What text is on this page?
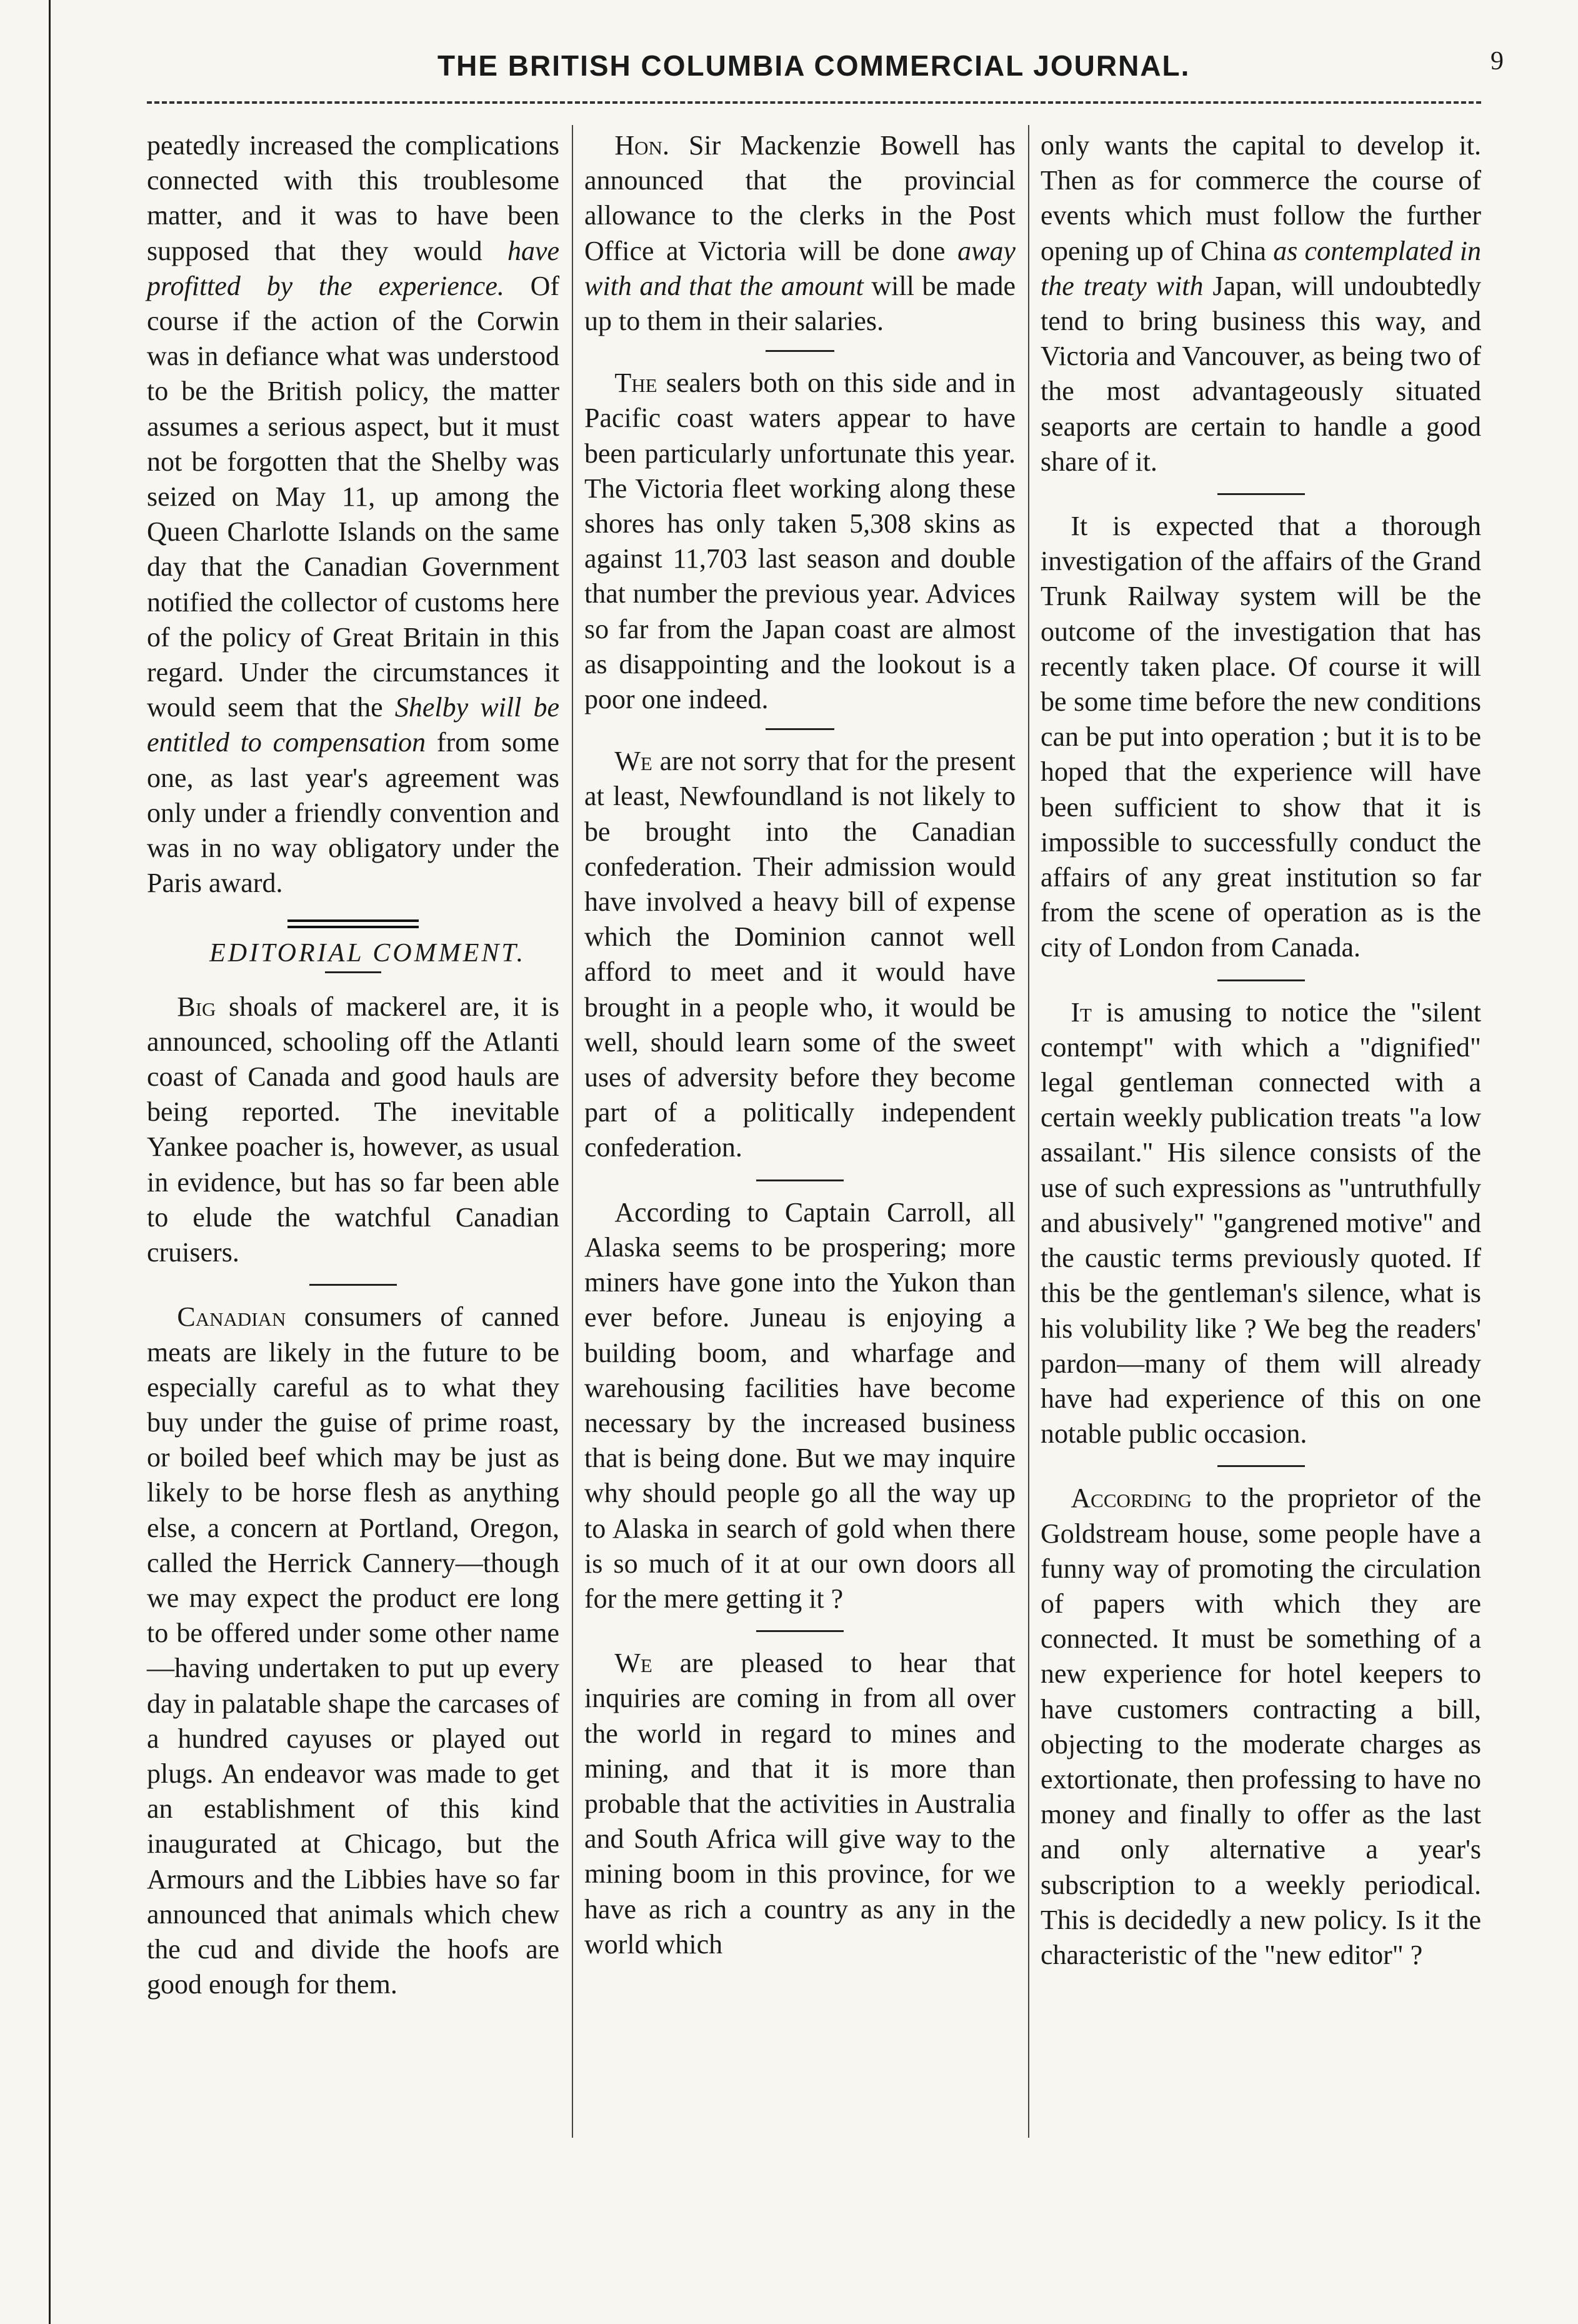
THE BRITISH COLUMBIA COMMERCIAL JOURNAL.	9

peatedly increased the complications connected with this troublesome matter, and it was to have been supposed that they would have profitted by the experience. Of course if the action of the Corwin was in defiance what was understood to be the British policy, the matter assumes a serious aspect, but it must not be forgotten that the Shelby was seized on May 11, up among the Queen Charlotte Islands on the same day that the Canadian Government notified the collector of customs here of the policy of Great Britain in this regard. Under the circumstances it would seem that the Shelby will be entitled to compensation from some one, as last year's agreement was only under a friendly convention and was in no way obligatory under the Paris award.

EDITORIAL COMMENT.

Big shoals of mackerel are, it is announced, schooling off the Atlanti coast of Canada and good hauls are being reported. The inevitable Yankee poacher is, however, as usual in evidence, but has so far been able to elude the watchful Canadian cruisers.

Canadian consumers of canned meats are likely in the future to be especially careful as to what they buy under the guise of prime roast, or boiled beef which may be just as likely to be horse flesh as anything else, a concern at Portland, Oregon, called the Herrick Cannery—though we may expect the product ere long to be offered under some other name—having undertaken to put up every day in palatable shape the carcases of a hundred cayuses or played out plugs. An endeavor was made to get an establishment of this kind inaugurated at Chicago, but the Armours and the Libbies have so far announced that animals which chew the cud and divide the hoofs are good enough for them.

Hon. Sir Mackenzie Bowell has announced that the provincial allowance to the clerks in the Post Office at Victoria will be done away with and that the amount will be made up to them in their salaries.

The sealers both on this side and in Pacific coast waters appear to have been particularly unfortunate this year. The Victoria fleet working along these shores has only taken 5,308 skins as against 11,703 last season and double that number the previous year. Advices so far from the Japan coast are almost as disappointing and the lookout is a poor one indeed.

We are not sorry that for the present at least, Newfoundland is not likely to be brought into the Canadian confederation. Their admission would have involved a heavy bill of expense which the Dominion cannot well afford to meet and it would have brought in a people who, it would be well, should learn some of the sweet uses of adversity before they become part of a politically independent confederation.

According to Captain Carroll, all Alaska seems to be prospering; more miners have gone into the Yukon than ever before. Juneau is enjoying a building boom, and wharfage and warehousing facilities have become necessary by the increased business that is being done. But we may inquire why should people go all the way up to Alaska in search of gold when there is so much of it at our own doors all for the mere getting it ?

We are pleased to hear that inquiries are coming in from all over the world in regard to mines and mining, and that it is more than probable that the activities in Australia and South Africa will give way to the mining boom in this province, for we have as rich a country as any in the world which

only wants the capital to develop it. Then as for commerce the course of events which must follow the further opening up of China as contemplated in the treaty with Japan, will undoubtedly tend to bring business this way, and Victoria and Vancouver, as being two of the most advantageously situated seaports are certain to handle a good share of it.

It is expected that a thorough investigation of the affairs of the Grand Trunk Railway system will be the outcome of the investigation that has recently taken place. Of course it will be some time before the new conditions can be put into operation ; but it is to be hoped that the experience will have been sufficient to show that it is impossible to successfully conduct the affairs of any great institution so far from the scene of operation as is the city of London from Canada.

It is amusing to notice the "silent contempt" with which a "dignified" legal gentleman connected with a certain weekly publication treats "a low assailant." His silence consists of the use of such expressions as "untruthfully and abusively" "gangrened motive" and the caustic terms previously quoted. If this be the gentleman's silence, what is his volubility like ? We beg the readers' pardon—many of them will already have had experience of this on one notable public occasion.

According to the proprietor of the Goldstream house, some people have a funny way of promoting the circulation of papers with which they are connected. It must be something of a new experience for hotel keepers to have customers contracting a bill, objecting to the moderate charges as extortionate, then professing to have no money and finally to offer as the last and only alternative a year's subscription to a weekly periodical. This is decidedly a new policy. Is it the characteristic of the "new editor" ?
